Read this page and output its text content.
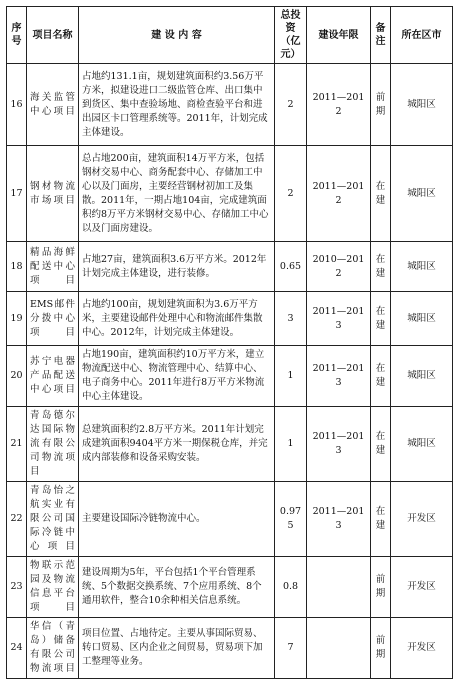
序号	项目名称	建 设 内 容	总投资（亿元）	建设年限	备注	所在区市
16	海关监管中心项目	占地约131.1亩，规划建筑面积约3.56万平方米，拟建设进口二级监管仓库、出口集中到货区、集中查验场地、商检查验平台和进出园区卡口管理系统等。2011年，计划完成主体建设。	2	2011—2012	前期	城阳区
17	钢材物流市场项目	总占地200亩，建筑面积14万平方米，包括钢材交易中心、商务配套中心、存储加工中心以及门面房，主要经营钢材初加工及集散。2011年，一期占地104亩，完成建筑面积约8万平方米钢材交易中心、存储加工中心以及门面房建设。	2	2011—2012	在建	城阳区
18	精品海鲜配送中心项目	占地27亩，建筑面积3.6万平方米。2012年计划完成主体建设，进行装修。	0.65	2010—2012	在建	城阳区
19	EMS邮件分拨中心项目	占地约100亩，规划建筑面积为3.6万平方米，主要建设邮件处理中心和物流邮件集散中心。2012年，计划完成主体建设。	3	2011—2013	在建	城阳区
20	苏宁电器产品配送中心项目	占地190亩，建筑面积约10万平方米，建立物流配送中心、物流管理中心、结算中心、电子商务中心。2011年进行8万平方米物流中心主体建设。	1	2011—2013	在建	城阳区
21	青岛德尔达国际物流有限公司物流项目	总建筑面积约2.8万平方米。2011年计划完成建筑面积9404平方米一期保税仓库，并完成内部装修和设备采购安装。	1	2011—2013	在建	城阳区
22	青岛怡之航实业有限公司国际冷链中心项目	主要建设国际冷链物流中心。	0.975	2011—2013	在建	开发区
23	物联示范园及物流信息平台项目	建设周期为5年，平台包括1个平台管理系统、5个数据交换系统、7个应用系统、8个通用软件，整合10余种相关信息系统。	0.8		前期	开发区
24	华信（青岛）储备有限公司物流项目	项目位置、占地待定。主要从事国际贸易、转口贸易、区内企业之间贸易，贸易项下加工整理等业务。	7		前期	开发区
